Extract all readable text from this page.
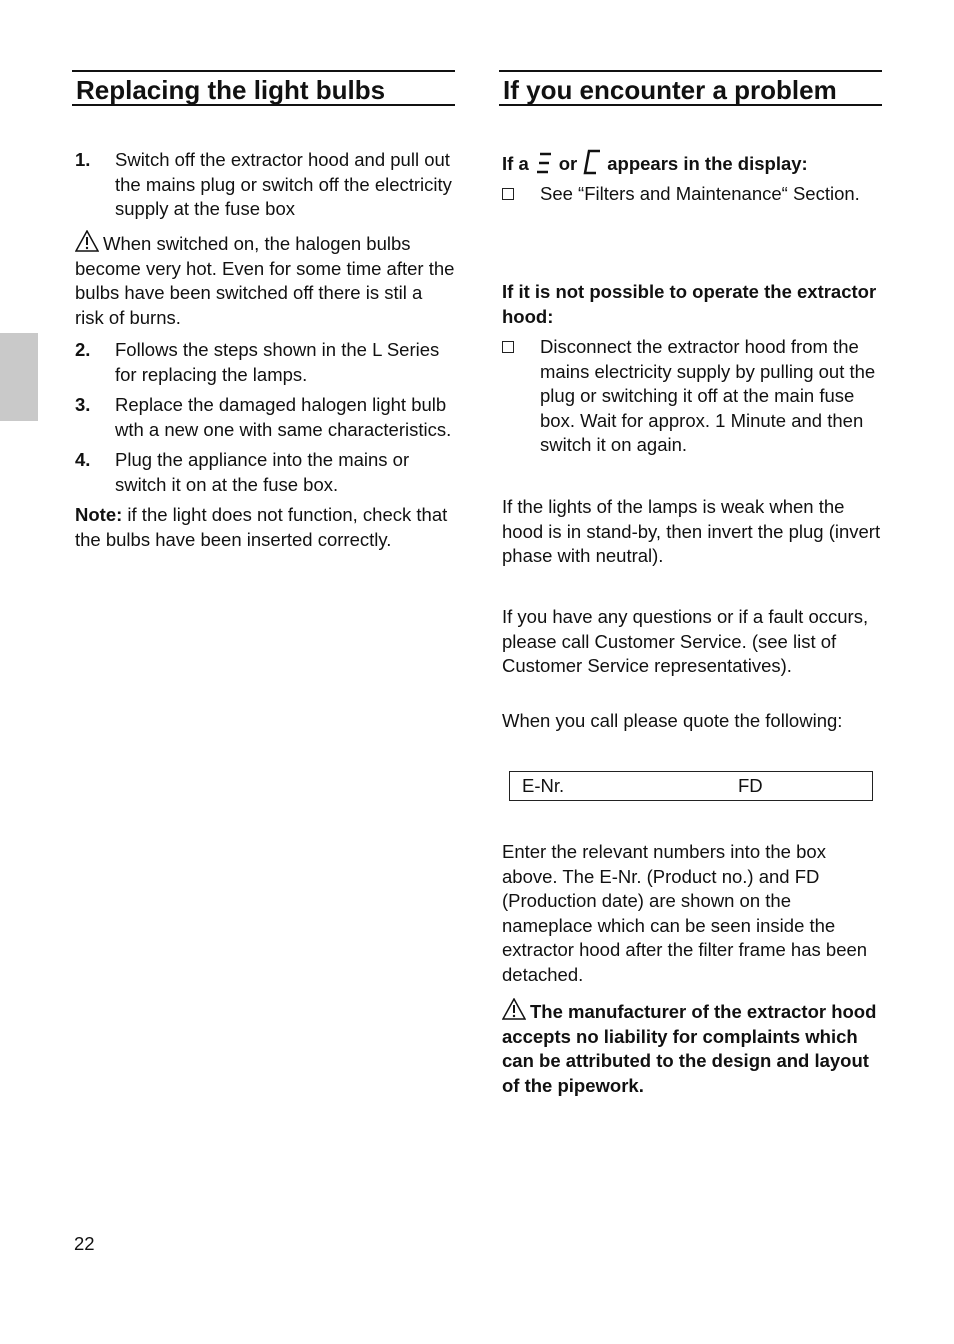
Replacing the light bulbs
1.	Switch off the extractor hood and pull out the mains plug or switch off the electricity supply at the fuse box
When switched on, the halogen bulbs become very hot. Even for some time after the bulbs have been switched off there is stil a risk of burns.
2.	Follows the steps shown in the L Series for replacing the lamps.
3.	Replace the damaged halogen light bulb wth a new one with same characteristics.
4.	Plug the appliance into the mains or switch it on at the fuse box.
Note: if the light does not function, check that the bulbs have been inserted correctly.
If you encounter a problem
If a or appears in the display:
See “Filters and Maintenance“ Section.
If it is not possible to operate the extractor hood:
Disconnect the extractor hood from the mains electricity supply by pulling out the plug or switching it off at the main fuse box. Wait for approx. 1 Minute and then switch it on again.
If the lights of the lamps is weak when the hood is in stand-by, then invert the plug (invert phase with neutral).
If you have any questions or if a fault occurs, please call Customer Service. (see list of Customer Service representatives).
When you call please quote the following:
E-Nr.	FD
Enter the relevant numbers into the box above. The E-Nr. (Product no.) and FD (Production date) are shown on the nameplace which can be seen inside the extractor hood after the filter frame has been detached.
The manufacturer of the extractor hood accepts no liability for complaints which can be attributed to the design and layout of the pipework.
22
